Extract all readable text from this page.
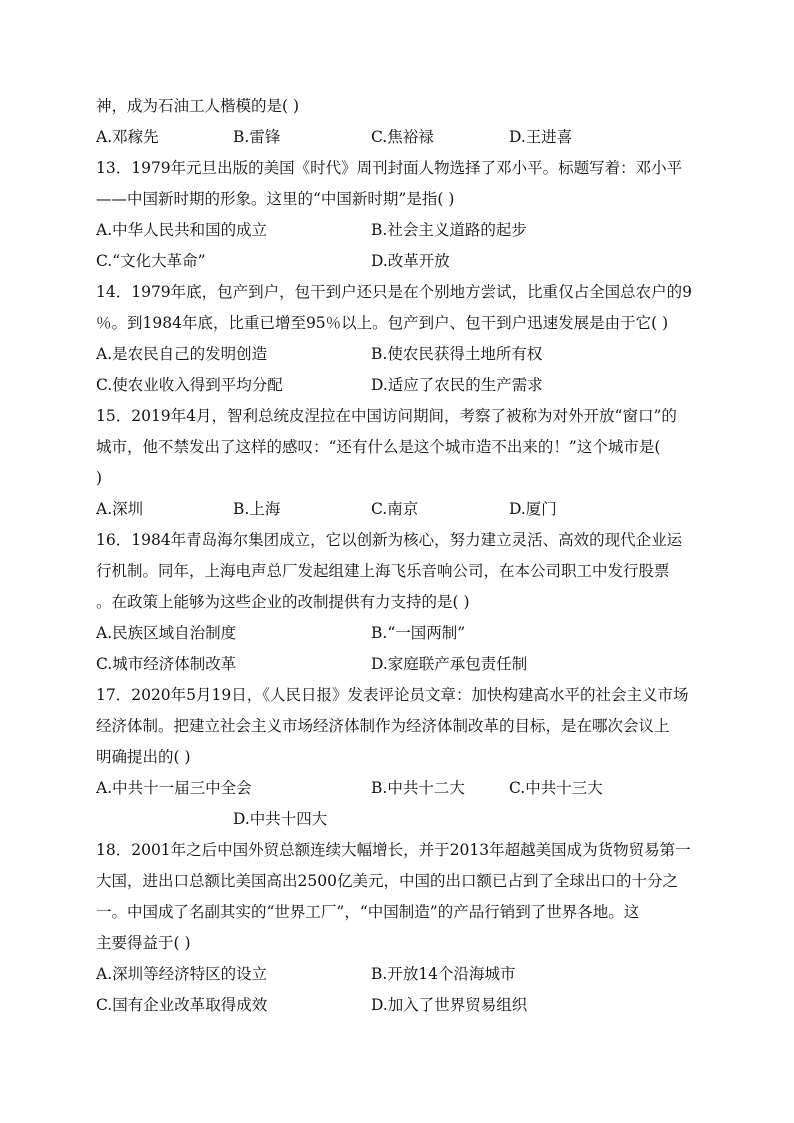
神，成为石油工人楷模的是( )
A.邓稼先	B.雷锋	C.焦裕禄	D.王进喜
13．1979年元旦出版的美国《时代》周刊封面人物选择了邓小平。标题写着：邓小平
——中国新时期的形象。这里的“中国新时期”是指( )
A.中华人民共和国的成立	B.社会主义道路的起步
C.“文化大革命”	D.改革开放
14．1979年底，包产到户，包干到户还只是在个别地方尝试，比重仅占全国总农户的9
％。到1984年底，比重已增至95％以上。包产到户、包干到户迅速发展是由于它( )
A.是农民自己的发明创造	B.使农民获得土地所有权
C.使农业收入得到平均分配	D.适应了农民的生产需求
15．2019年4月，智利总统皮涅拉在中国访问期间，考察了被称为对外开放“窗口”的
城市，他不禁发出了这样的感叹：“还有什么是这个城市造不出来的！”这个城市是(
)
A.深圳	B.上海	C.南京	D.厦门
16．1984年青岛海尔集团成立，它以创新为核心，努力建立灵活、高效的现代企业运
行机制。同年，上海电声总厂发起组建上海飞乐音响公司，在本公司职工中发行股票
。在政策上能够为这些企业的改制提供有力支持的是( )
A.民族区域自治制度	B.“一国两制”
C.城市经济体制改革	D.家庭联产承包责任制
17．2020年5月19日，《人民日报》发表评论员文章：加快构建高水平的社会主义市场
经济体制。把建立社会主义市场经济体制作为经济体制改革的目标，是在哪次会议上
明确提出的( )
A.中共十一届三中全会	B.中共十二大	C.中共十三大
D.中共十四大
18．2001年之后中国外贸总额连续大幅增长，并于2013年超越美国成为货物贸易第一
大国，进出口总额比美国高出2500亿美元，中国的出口额已占到了全球出口的十分之
一。中国成了名副其实的“世界工厂”，“中国制造”的产品行销到了世界各地。这
主要得益于( )
A.深圳等经济特区的设立	B.开放14个沿海城市
C.国有企业改革取得成效	D.加入了世界贸易组织
